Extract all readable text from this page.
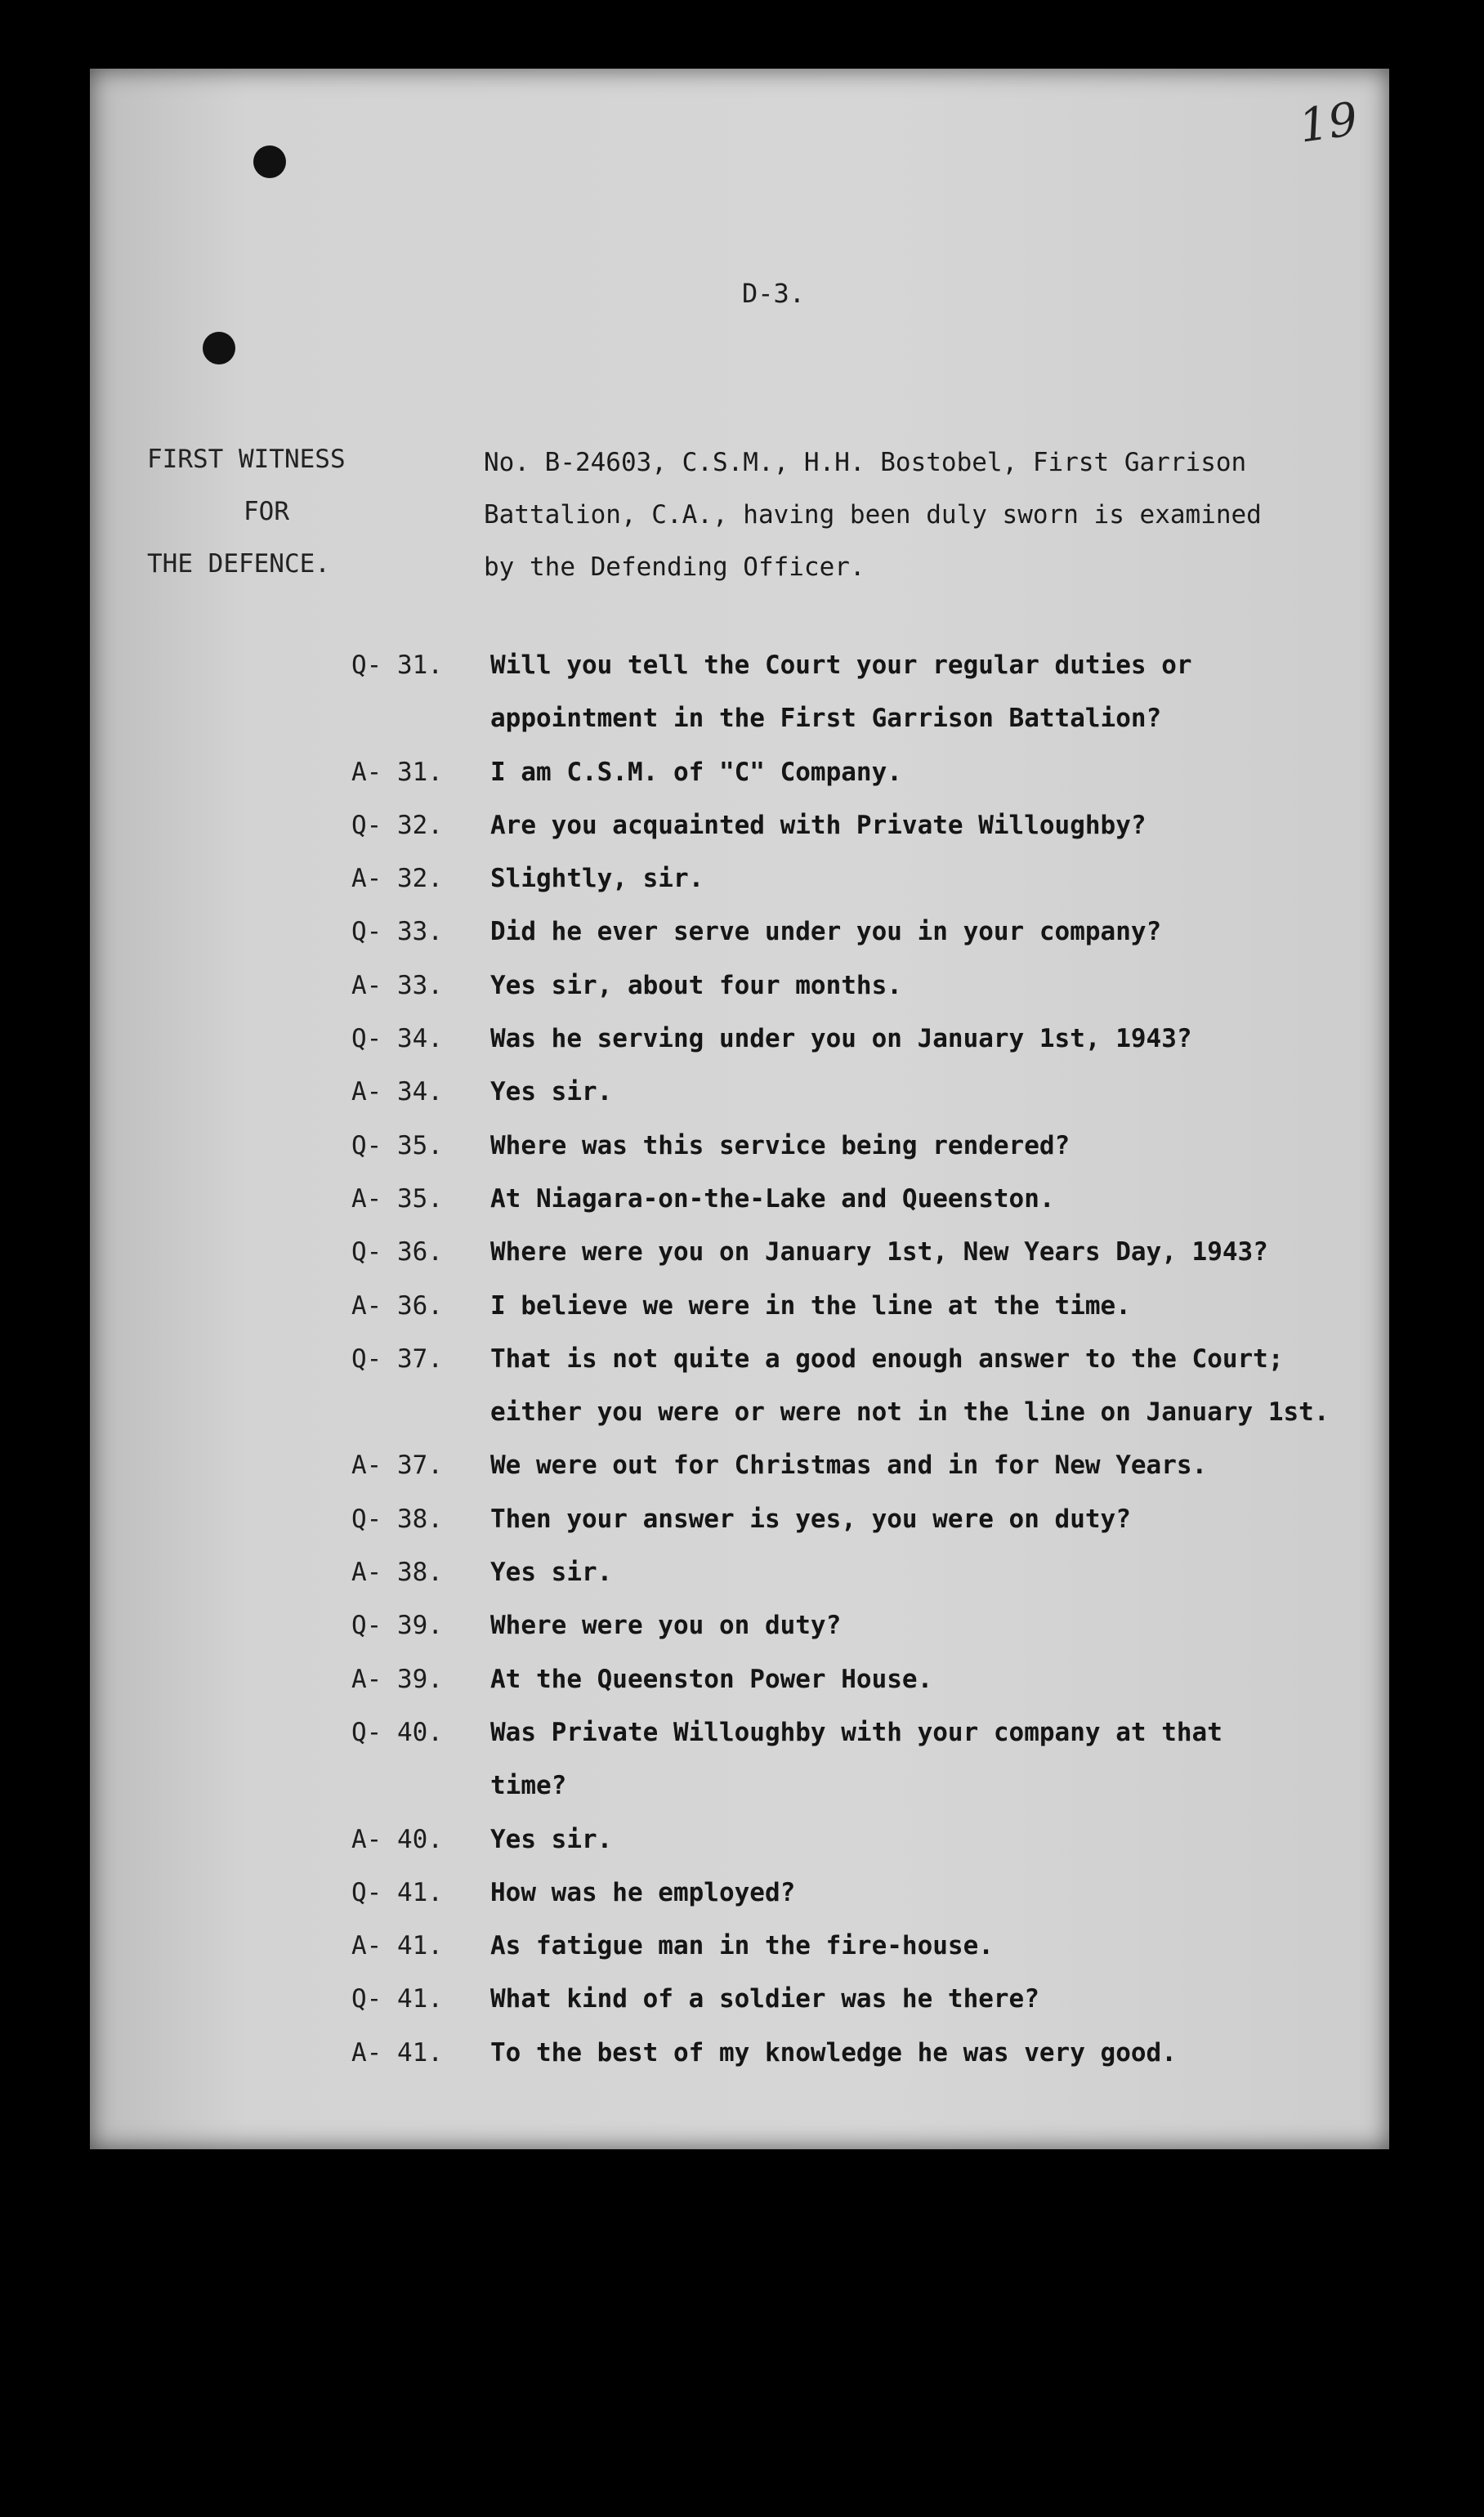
19
D-3.
FIRST WITNESS
FOR
THE DEFENCE.
No. B-24603, C.S.M., H.H. Bostobel, First Garrison
Battalion, C.A., having been duly sworn is examined
by the Defending Officer.
Q- 31.	Will you tell the Court your regular duties or
appointment in the First Garrison Battalion?
A- 31.	I am C.S.M. of "C" Company.
Q- 32.	Are you acquainted with Private Willoughby?
A- 32.	Slightly, sir.
Q- 33.	Did he ever serve under you in your company?
A- 33.	Yes sir, about four months.
Q- 34.	Was he serving under you on January 1st, 1943?
A- 34.	Yes sir.
Q- 35.	Where was this service being rendered?
A- 35.	At Niagara-on-the-Lake and Queenston.
Q- 36.	Where were you on January 1st, New Years Day, 1943?
A- 36.	I believe we were in the line at the time.
Q- 37.	That is not quite a good enough answer to the Court;
either you were or were not in the line on January 1st.
A- 37.	We were out for Christmas and in for New Years.
Q- 38.	Then your answer is yes, you were on duty?
A- 38.	Yes sir.
Q- 39.	Where were you on duty?
A- 39.	At the Queenston Power House.
Q- 40.	Was Private Willoughby with your company at that
time?
A- 40.	Yes sir.
Q- 41.	How was he employed?
A- 41.	As fatigue man in the fire-house.
Q- 41.	What kind of a soldier was he there?
A- 41.	To the best of my knowledge he was very good.
